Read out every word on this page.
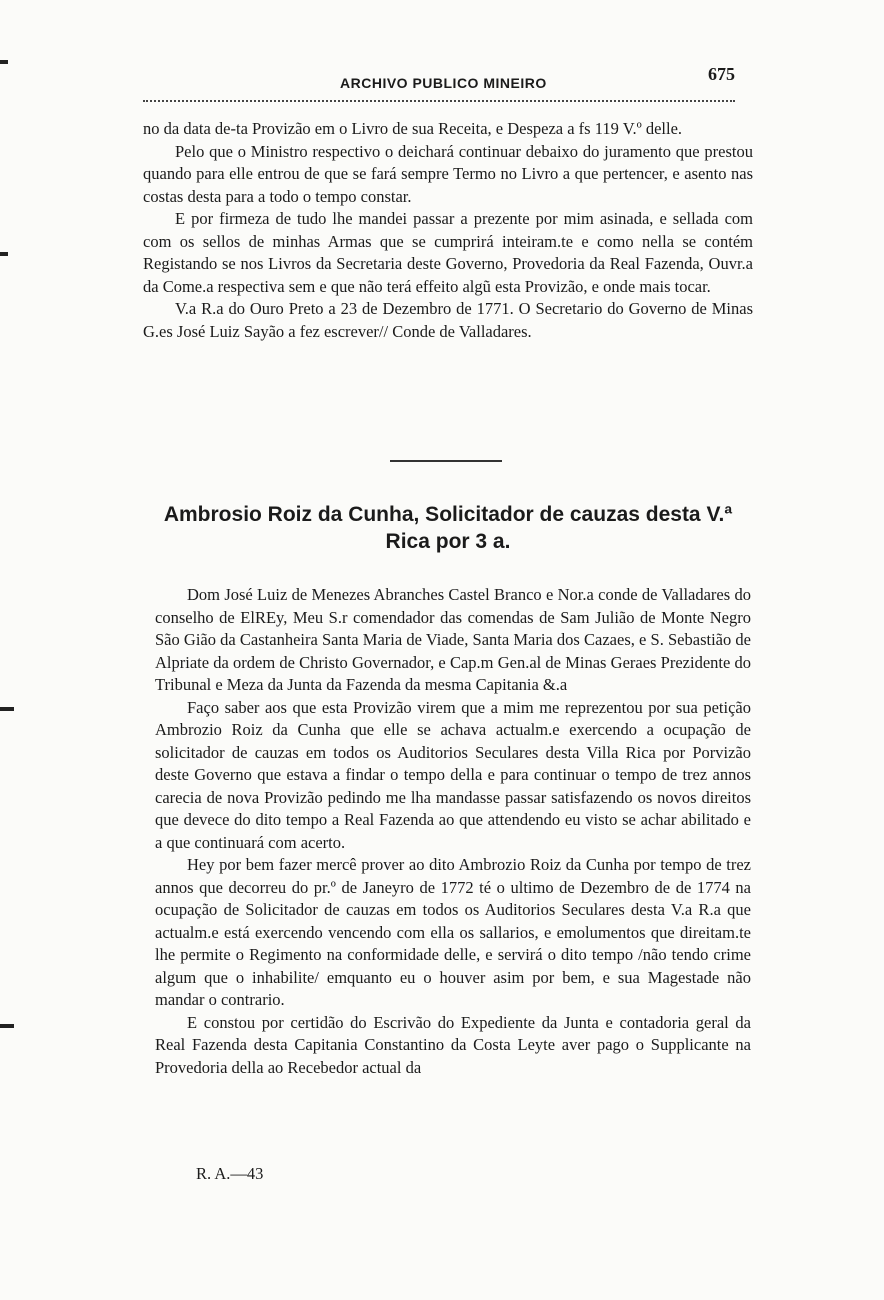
ARCHIVO PUBLICO MINEIRO	675

no da data de-ta Provizão em o Livro de sua Receita, e Despeza a fs 119 V.º delle.

Pelo que o Ministro respectivo o deichará continuar debaixo do juramento que prestou quando para elle entrou de que se fará sempre Termo no Livro a que pertencer, e asento nas costas desta para a todo o tempo constar.

E por firmeza de tudo lhe mandei passar a prezente por mim asinada, e sellada com com os sellos de minhas Armas que se cumprirá inteiram.te e como nella se contém Registando se nos Livros da Secretaria deste Governo, Provedoria da Real Fazenda, Ouvr.a da Come.a respectiva sem e que não terá effeito algũ esta Provizão, e onde mais tocar.

V.a R.a do Ouro Preto a 23 de Dezembro de 1771. O Secretario do Governo de Minas G.es José Luiz Sayão a fez escrever// Conde de Valladares.

Ambrosio Roiz da Cunha, Solicitador de cauzas desta V.ª
Rica por 3 a.

Dom José Luiz de Menezes Abranches Castel Branco e Nor.a conde de Valladares do conselho de ElREy, Meu S.r comendador das comendas de Sam Julião de Monte Negro São Gião da Castanheira Santa Maria de Viade, Santa Maria dos Cazaes, e S. Sebastião de Alpriate da ordem de Christo Governador, e Cap.m Gen.al de Minas Geraes Prezidente do Tribunal e Meza da Junta da Fazenda da mesma Capitania &.a

Faço saber aos que esta Provizão virem que a mim me reprezentou por sua petição Ambrozio Roiz da Cunha que elle se achava actualm.e exercendo a ocupação de solicitador de cauzas em todos os Auditorios Seculares desta Villa Rica por Porvizão deste Governo que estava a findar o tempo della e para continuar o tempo de trez annos carecia de nova Provizão pedindo me lha mandasse passar satisfazendo os novos direitos que devece do dito tempo a Real Fazenda ao que attendendo eu visto se achar abilitado e a que continuará com acerto.

Hey por bem fazer mercê prover ao dito Ambrozio Roiz da Cunha por tempo de trez annos que decorreu do pr.º de Janeyro de 1772 té o ultimo de Dezembro de de 1774 na ocupação de Solicitador de cauzas em todos os Auditorios Seculares desta V.a R.a que actualm.e está exercendo vencendo com ella os sallarios, e emolumentos que direitam.te lhe permite o Regimento na conformidade delle, e servirá o dito tempo /não tendo crime algum que o inhabilite/ emquanto eu o houver asim por bem, e sua Magestade não mandar o contrario.

E constou por certidão do Escrivão do Expediente da Junta e contadoria geral da Real Fazenda desta Capitania Constantino da Costa Leyte aver pago o Supplicante na Provedoria della ao Recebedor actual da

R. A.—43
